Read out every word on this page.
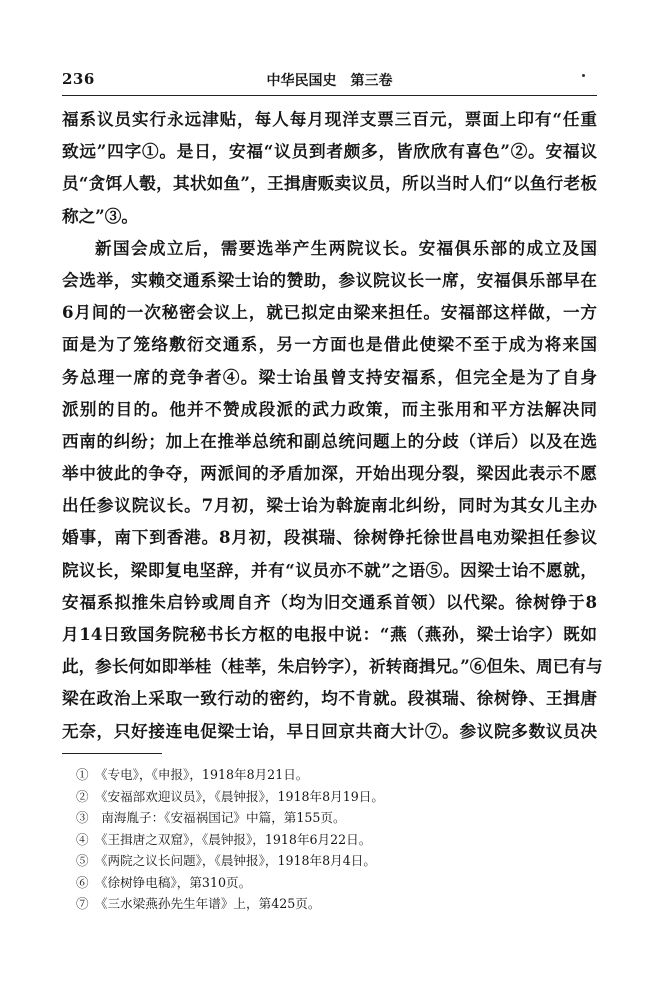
236	中华民国史　第三卷
福系议员实行永远津贴，每人每月现洋支票三百元，票面上印有“任重
致远”四字①。是日，安福“议员到者颇多，皆欣欣有喜色”②。安福议
员“贪饵人彀，其状如鱼”，王揖唐贩卖议员，所以当时人们“以鱼行老板
称之”③。
新国会成立后，需要选举产生两院议长。安福俱乐部的成立及国
会选举，实赖交通系梁士诒的赞助，参议院议长一席，安福俱乐部早在
6月间的一次秘密会议上，就已拟定由梁来担任。安福部这样做，一方
面是为了笼络敷衍交通系，另一方面也是借此使梁不至于成为将来国
务总理一席的竞争者④。梁士诒虽曾支持安福系，但完全是为了自身
派别的目的。他并不赞成段派的武力政策，而主张用和平方法解决同
西南的纠纷；加上在推举总统和副总统问题上的分歧（详后）以及在选
举中彼此的争夺，两派间的矛盾加深，开始出现分裂，梁因此表示不愿
出任参议院议长。7月初，梁士诒为斡旋南北纠纷，同时为其女儿主办
婚事，南下到香港。8月初，段祺瑞、徐树铮托徐世昌电劝梁担任参议
院议长，梁即复电坚辞，并有“议员亦不就”之语⑤。因梁士诒不愿就，
安福系拟推朱启钤或周自齐（均为旧交通系首领）以代梁。徐树铮于8
月14日致国务院秘书长方枢的电报中说：“燕（燕孙，梁士诒字）既如
此，参长何如即举桂（桂莘，朱启钤字），祈转商揖兄。”⑥但朱、周已有与
梁在政治上采取一致行动的密约，均不肯就。段祺瑞、徐树铮、王揖唐
无奈，只好接连电促梁士诒，早日回京共商大计⑦。参议院多数议员决
①　《专电》，《申报》，1918年8月21日。
②　《安福部欢迎议员》，《晨钟报》，1918年8月19日。
③　南海胤子：《安福祸国记》中篇，第155页。
④　《王揖唐之双窟》，《晨钟报》，1918年6月22日。
⑤　《两院之议长问题》，《晨钟报》，1918年8月4日。
⑥　《徐树铮电稿》，第310页。
⑦　《三水梁燕孙先生年谱》上，第425页。
